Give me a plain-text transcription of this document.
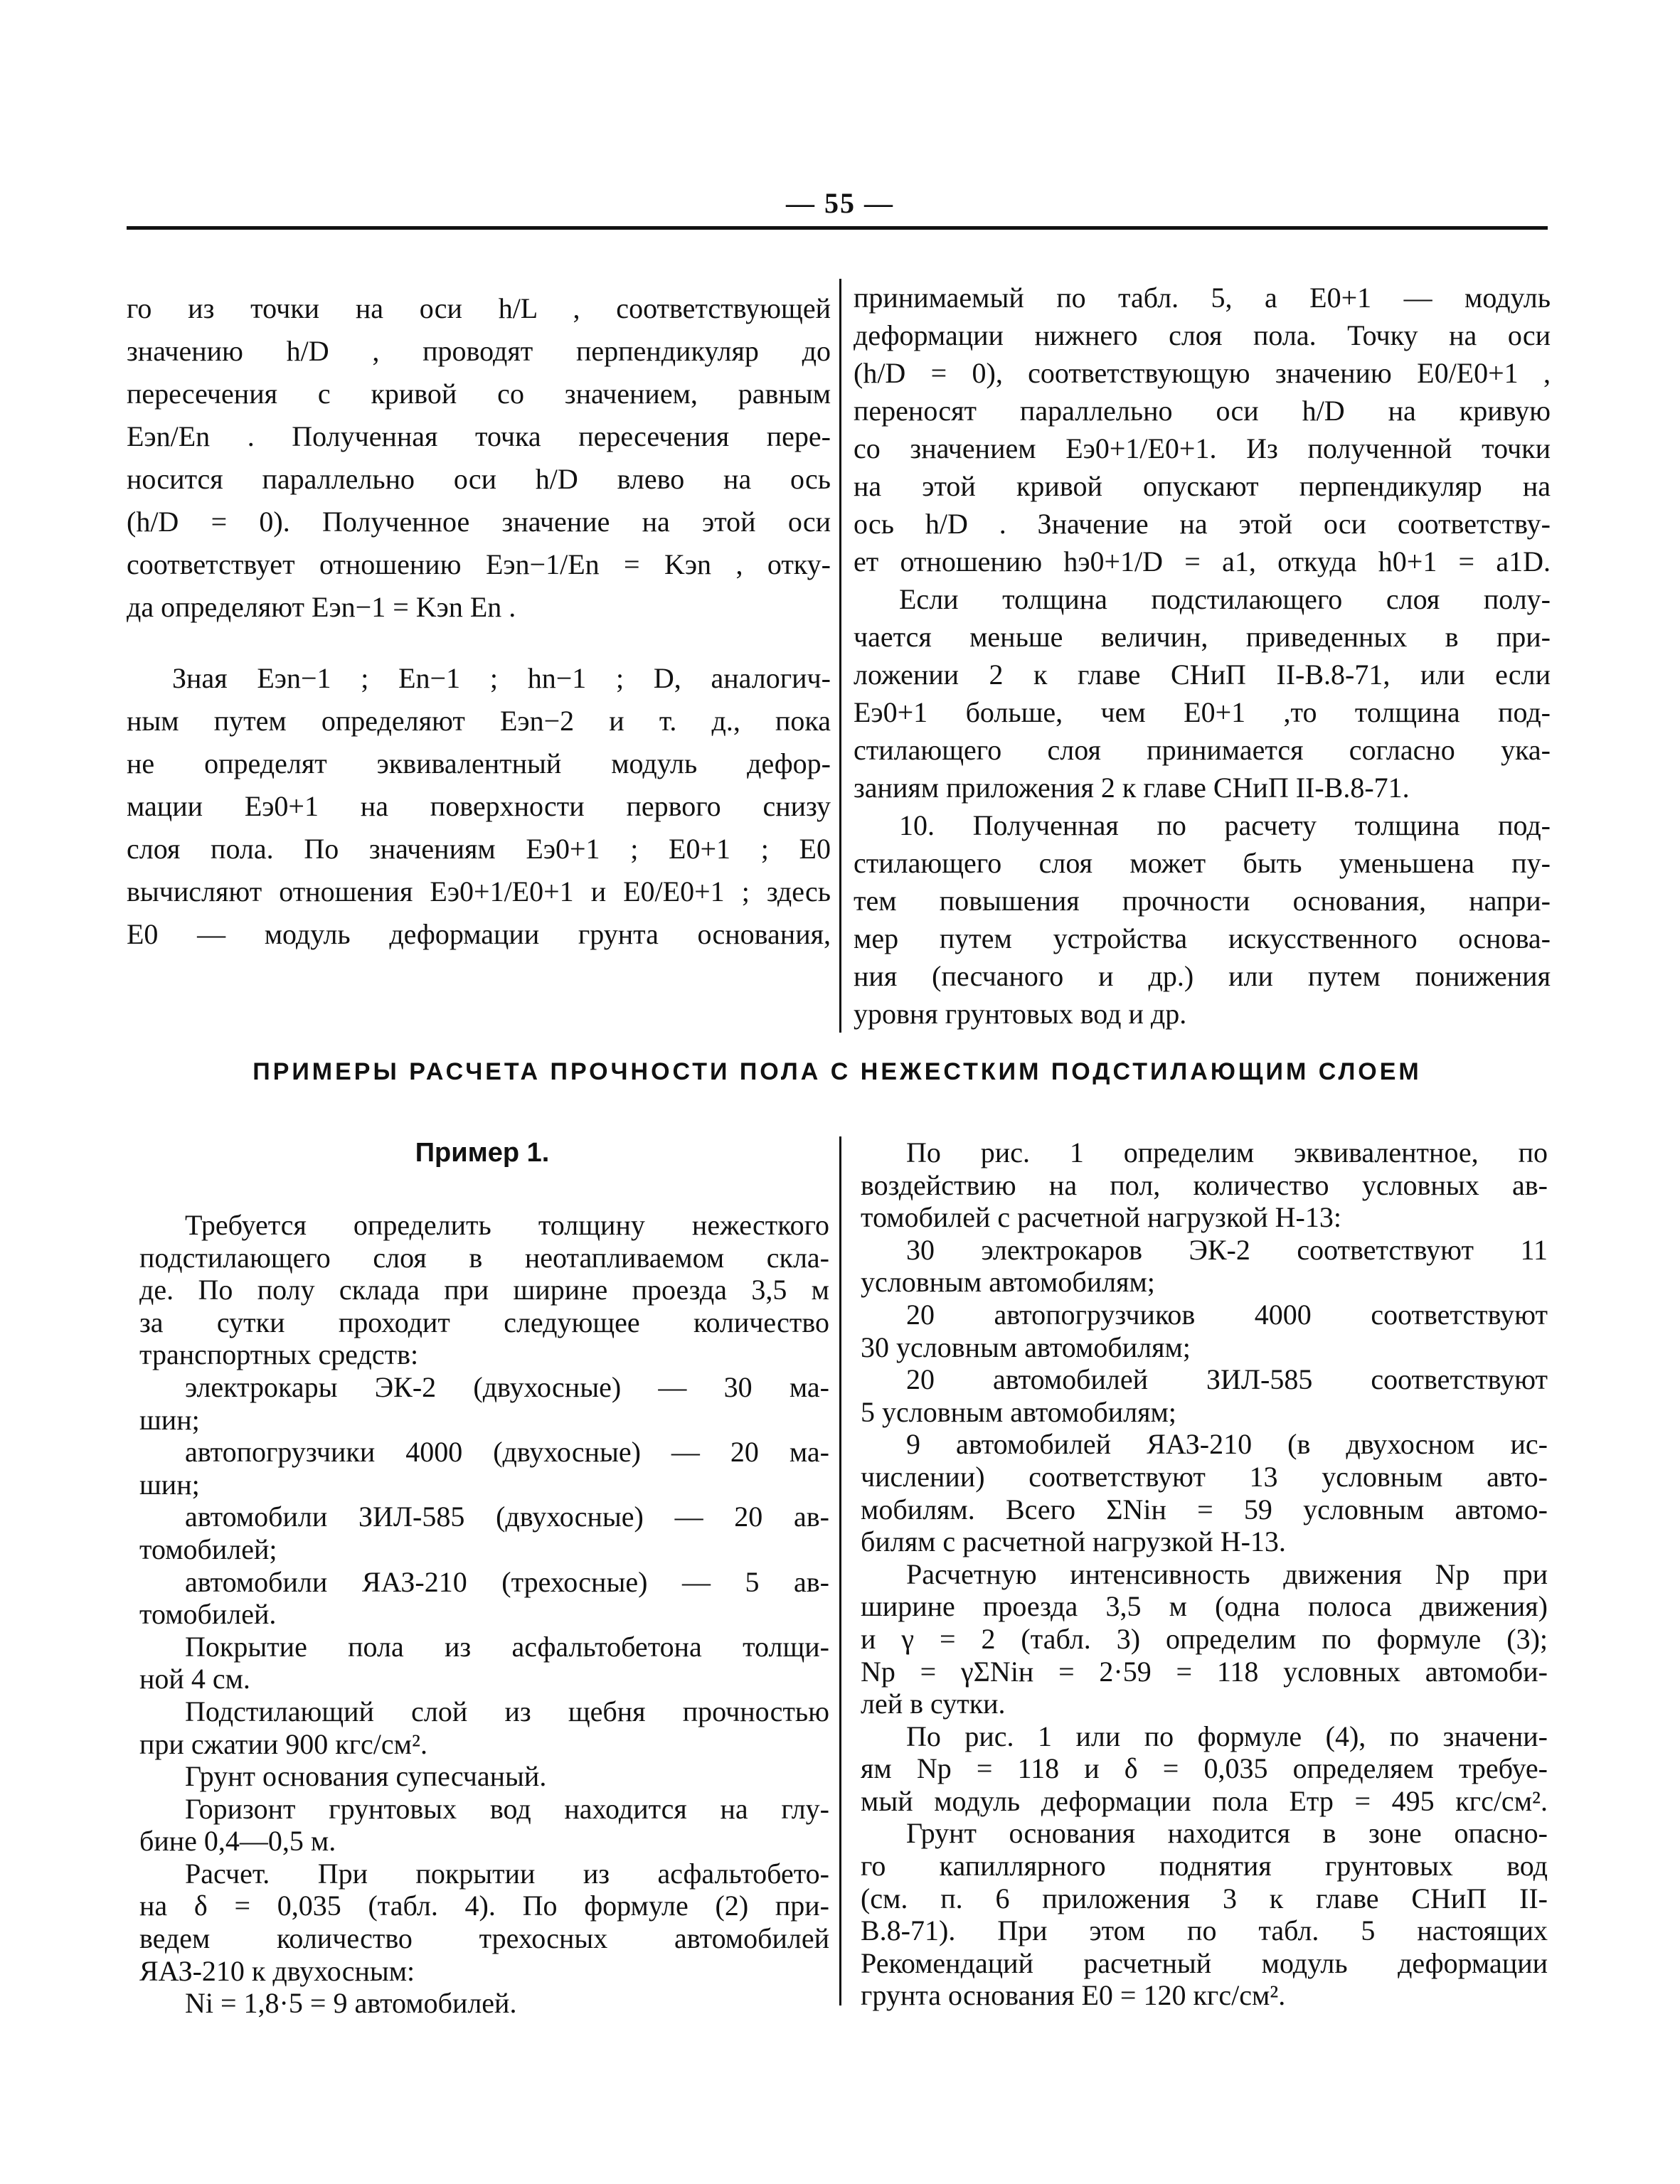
— 55 —
го из точки на оси h/L , соответствующей
значению h/D , проводят перпендикуляр до
пересечения с кривой со значением, равным
Eэn/En . Полученная точка пересечения пере-
носится параллельно оси h/D влево на ось
(h/D = 0). Полученное значение на этой оси
соответствует отношению Eэn−1/En = Kэn , отку-
да определяют Eэn−1 = Kэn En .
Зная Eэn−1 ; En−1 ; hn−1 ; D, аналогич-
ным путем определяют Eэn−2 и т. д., пока
не определят эквивалентный модуль дефор-
мации Eэ0+1 на поверхности первого снизу
слоя пола. По значениям Eэ0+1 ; E0+1 ; E0
вычисляют отношения Eэ0+1/E0+1 и E0/E0+1 ; здесь
E0 — модуль деформации грунта основания,
принимаемый по табл. 5, а E0+1 — модуль
деформации нижнего слоя пола. Точку на оси
(h/D = 0), соответствующую значению E0/E0+1 ,
переносят параллельно оси h/D на кривую
со значением Eэ0+1/E0+1. Из полученной точки
на этой кривой опускают перпендикуляр на
ось h/D . Значение на этой оси соответству-
ет отношению hэ0+1/D = a1, откуда h0+1 = a1D.
Если толщина подстилающего слоя полу-
чается меньше величин, приведенных в при-
ложении 2 к главе СНиП II-В.8-71, или если
Eэ0+1 больше, чем E0+1 ,то толщина под-
стилающего слоя принимается согласно ука-
заниям приложения 2 к главе СНиП II-В.8-71.
10. Полученная по расчету толщина под-
стилающего слоя может быть уменьшена пу-
тем повышения прочности основания, напри-
мер путем устройства искусственного основа-
ния (песчаного и др.) или путем понижения
уровня грунтовых вод и др.
ПРИМЕРЫ РАСЧЕТА ПРОЧНОСТИ ПОЛА С НЕЖЕСТКИМ ПОДСТИЛАЮЩИМ СЛОЕМ
Пример 1.
Требуется определить толщину нежесткого
подстилающего слоя в неотапливаемом скла-
де. По полу склада при ширине проезда 3,5 м
за сутки проходит следующее количество
транспортных средств:
электрокары ЭК-2 (двухосные) — 30 ма-
шин;
автопогрузчики 4000 (двухосные) — 20 ма-
шин;
автомобили ЗИЛ-585 (двухосные) — 20 ав-
томобилей;
автомобили ЯАЗ-210 (трехосные) — 5 ав-
томобилей.
Покрытие пола из асфальтобетона толщи-
ной 4 см.
Подстилающий слой из щебня прочностью
при сжатии 900 кгс/см².
Грунт основания супесчаный.
Горизонт грунтовых вод находится на глу-
бине 0,4—0,5 м.
Расчет. При покрытии из асфальтобето-
на δ = 0,035 (табл. 4). По формуле (2) при-
ведем количество трехосных автомобилей
ЯАЗ-210 к двухосным:
Ni = 1,8·5 = 9 автомобилей.
По рис. 1 определим эквивалентное, по
воздействию на пол, количество условных ав-
томобилей с расчетной нагрузкой Н-13:
30 электрокаров ЭК-2 соответствуют 11
условным автомобилям;
20 автопогрузчиков 4000 соответствуют
30 условным автомобилям;
20 автомобилей ЗИЛ-585 соответствуют
5 условным автомобилям;
9 автомобилей ЯАЗ-210 (в двухосном ис-
числении) соответствуют 13 условным авто-
мобилям. Всего ΣNiн = 59 условным автомо-
билям с расчетной нагрузкой Н-13.
Расчетную интенсивность движения Nр при
ширине проезда 3,5 м (одна полоса движения)
и γ = 2 (табл. 3) определим по формуле (3);
Nр = γΣNiн = 2·59 = 118 условных автомоби-
лей в сутки.
По рис. 1 или по формуле (4), по значени-
ям Nр = 118 и δ = 0,035 определяем требуе-
мый модуль деформации пола Eтр = 495 кгс/см².
Грунт основания находится в зоне опасно-
го капиллярного поднятия грунтовых вод
(см. п. 6 приложения 3 к главе СНиП II-
В.8-71). При этом по табл. 5 настоящих
Рекомендаций расчетный модуль деформации
грунта основания E0 = 120 кгс/см².
